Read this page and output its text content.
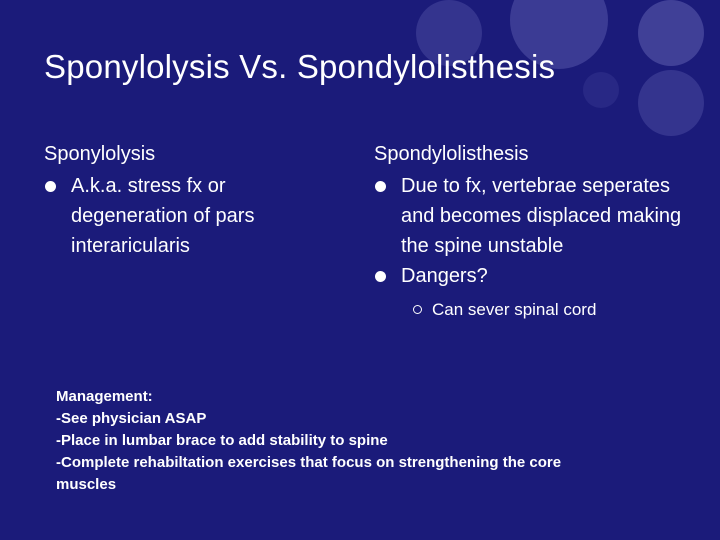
Sponylolysis Vs. Spondylolisthesis
Sponylolysis
A.k.a. stress fx or degeneration of pars interaricularis
Spondylolisthesis
Due to fx, vertebrae seperates and becomes displaced making the spine unstable
Dangers?
Can sever spinal cord
Management:
-See physician ASAP
-Place in lumbar brace to add stability to spine
-Complete rehabiltation exercises that focus on strengthening the core
muscles
